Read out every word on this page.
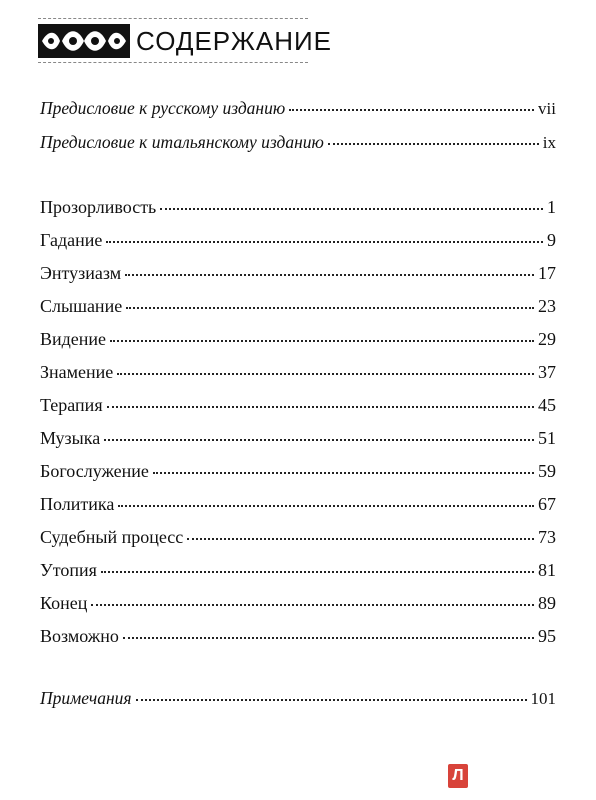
СОДЕРЖАНИЕ
Предисловие к русскому изданию	vii
Предисловие к итальянскому изданию	ix
Прозорливость	1
Гадание	9
Энтузиазм	17
Слышание	23
Видение	29
Знамение	37
Терапия	45
Музыка	51
Богослужение	59
Политика	67
Судебный процесс	73
Утопия	81
Конец	89
Возможно	95
Примечания	101
Л
